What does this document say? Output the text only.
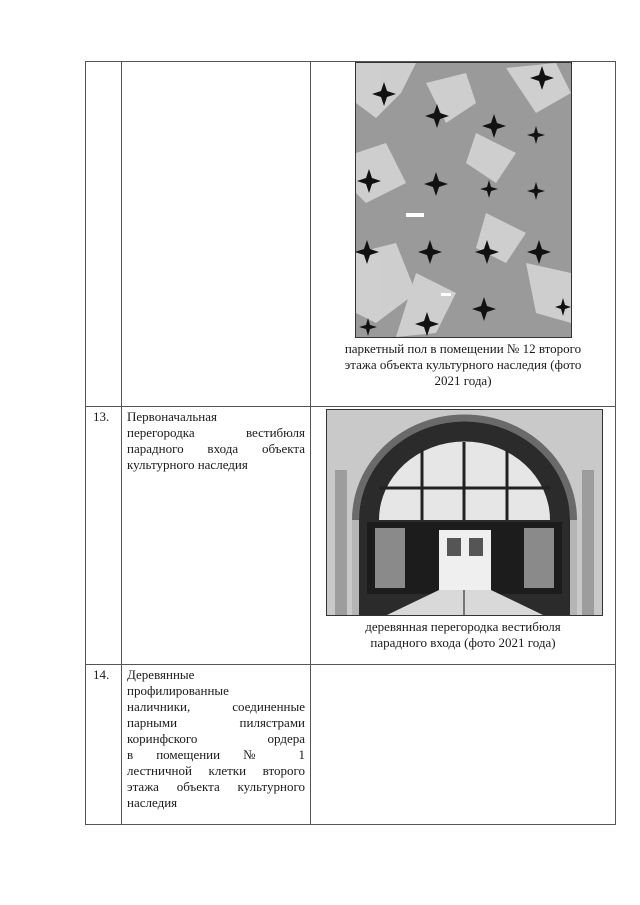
паркетный пол в помещении № 12 второго
этажа объекта культурного наследия (фото
2021 года)
13.	Первоначальная
перегородка вестибюля
парадного входа объекта
культурного наследия
деревянная перегородка вестибюля
парадного входа (фото 2021 года)
14.	Деревянные
профилированные
наличники, соединенные
парными пилястрами
коринфского ордера
в помещении № 1
лестничной клетки второго
этажа объекта культурного
наследия
